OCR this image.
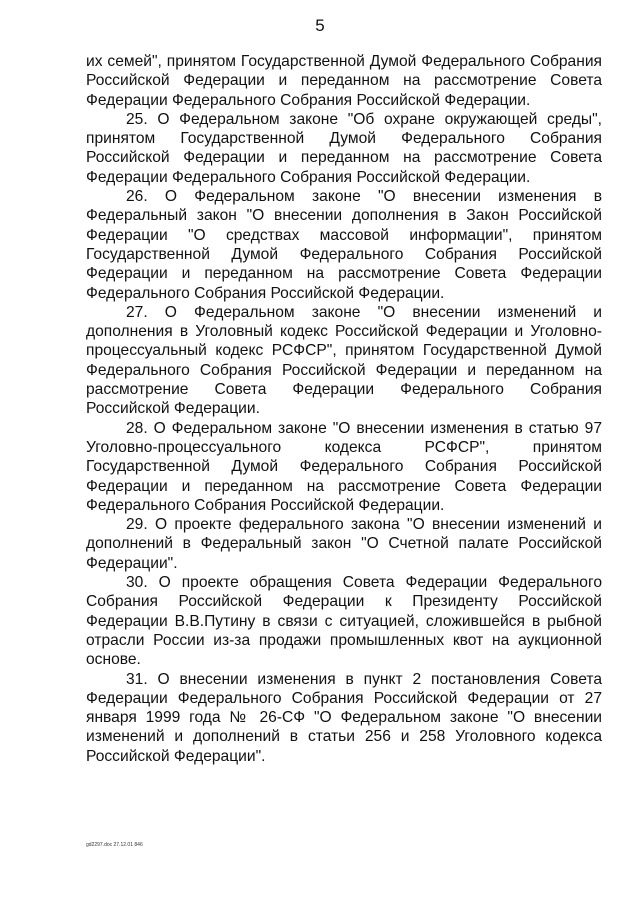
5

их семей", принятом Государственной Думой Федерального Собрания Российской Федерации и переданном на рассмотрение Совета Федерации Федерального Собрания Российской Федерации.

25. О Федеральном законе "Об охране окружающей среды", принятом Государственной Думой Федерального Собрания Российской Федерации и переданном на рассмотрение Совета Федерации Федерального Собрания Российской Федерации.

26. О Федеральном законе "О внесении изменения в Федеральный закон "О внесении дополнения в Закон Российской Федерации "О средствах массовой информации", принятом Государственной Думой Федерального Собрания Российской Федерации и переданном на рассмотрение Совета Федерации Федерального Собрания Российской Федерации.

27. О Федеральном законе "О внесении изменений и дополнения в Уголовный кодекс Российской Федерации и Уголовно-процессуальный кодекс РСФСР", принятом Государственной Думой Федерального Собрания Российской Федерации и переданном на рассмотрение Совета Федерации Федерального Собрания Российской Федерации.

28. О Федеральном законе "О внесении изменения в статью 97 Уголовно-процессуального кодекса РСФСР", принятом Государственной Думой Федерального Собрания Российской Федерации и переданном на рассмотрение Совета Федерации Федерального Собрания Российской Федерации.

29. О проекте федерального закона "О внесении изменений и дополнений в Федеральный закон "О Счетной палате Российской Федерации".

30. О проекте обращения Совета Федерации Федерального Собрания Российской Федерации к Президенту Российской Федерации В.В.Путину в связи с ситуацией, сложившейся в рыбной отрасли России из-за продажи промышленных квот на аукционной основе.

31. О внесении изменения в пункт 2 постановления Совета Федерации Федерального Собрания Российской Федерации от 27 января 1999 года № 26-СФ "О Федеральном законе "О внесении изменений и дополнений в статьи 256 и 258 Уголовного кодекса Российской Федерации".

gd2297.doc 27.12.01 846
